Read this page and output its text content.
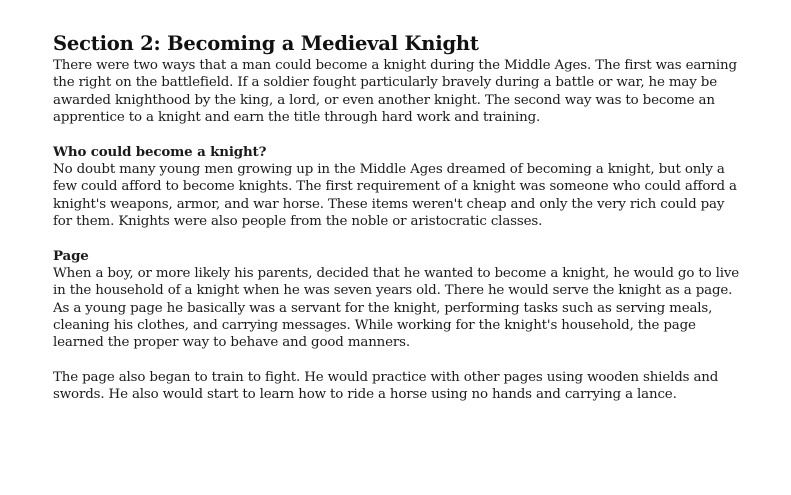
Section 2: Becoming a Medieval Knight

There were two ways that a man could become a knight during the Middle Ages. The first was earning the right on the battlefield. If a soldier fought particularly bravely during a battle or war, he may be awarded knighthood by the king, a lord, or even another knight. The second way was to become an apprentice to a knight and earn the title through hard work and training.

Who could become a knight?

No doubt many young men growing up in the Middle Ages dreamed of becoming a knight, but only a few could afford to become knights. The first requirement of a knight was someone who could afford a knight's weapons, armor, and war horse. These items weren't cheap and only the very rich could pay for them. Knights were also people from the noble or aristocratic classes.

Page

When a boy, or more likely his parents, decided that he wanted to become a knight, he would go to live in the household of a knight when he was seven years old. There he would serve the knight as a page. As a young page he basically was a servant for the knight, performing tasks such as serving meals, cleaning his clothes, and carrying messages. While working for the knight's household, the page learned the proper way to behave and good manners.

The page also began to train to fight. He would practice with other pages using wooden shields and swords. He also would start to learn how to ride a horse using no hands and carrying a lance.
